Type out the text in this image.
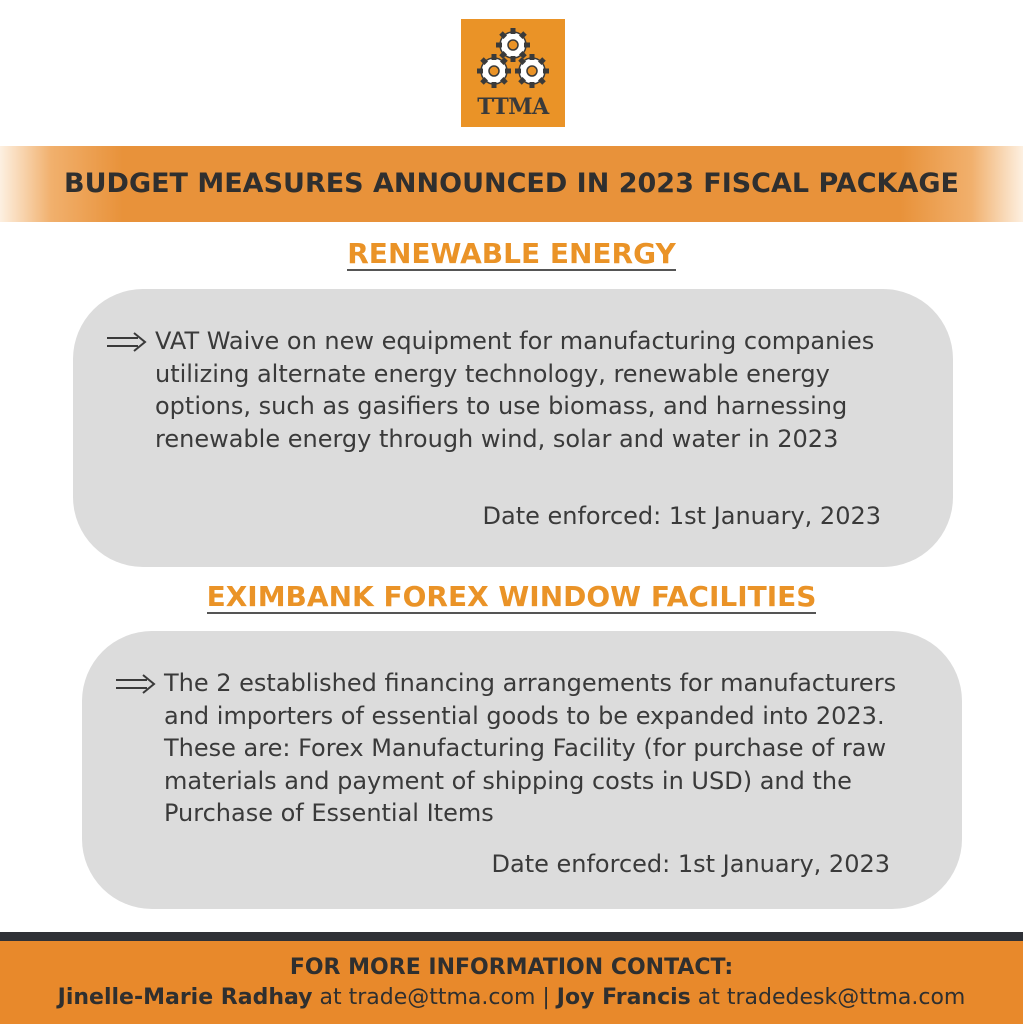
TTMA
BUDGET MEASURES ANNOUNCED IN 2023 FISCAL PACKAGE
RENEWABLE ENERGY
VAT Waive on new equipment for manufacturing companies
utilizing alternate energy technology, renewable energy
options, such as gasifiers to use biomass, and harnessing
renewable energy through wind, solar and water in 2023
Date enforced: 1st January, 2023
EXIMBANK FOREX WINDOW FACILITIES
The 2 established financing arrangements for manufacturers
and importers of essential goods to be expanded into 2023.
These are: Forex Manufacturing Facility (for purchase of raw
materials and payment of shipping costs in USD) and the
Purchase of Essential Items
Date enforced: 1st January, 2023
FOR MORE INFORMATION CONTACT:
Jinelle-Marie Radhay at trade@ttma.com | Joy Francis at tradedesk@ttma.com
